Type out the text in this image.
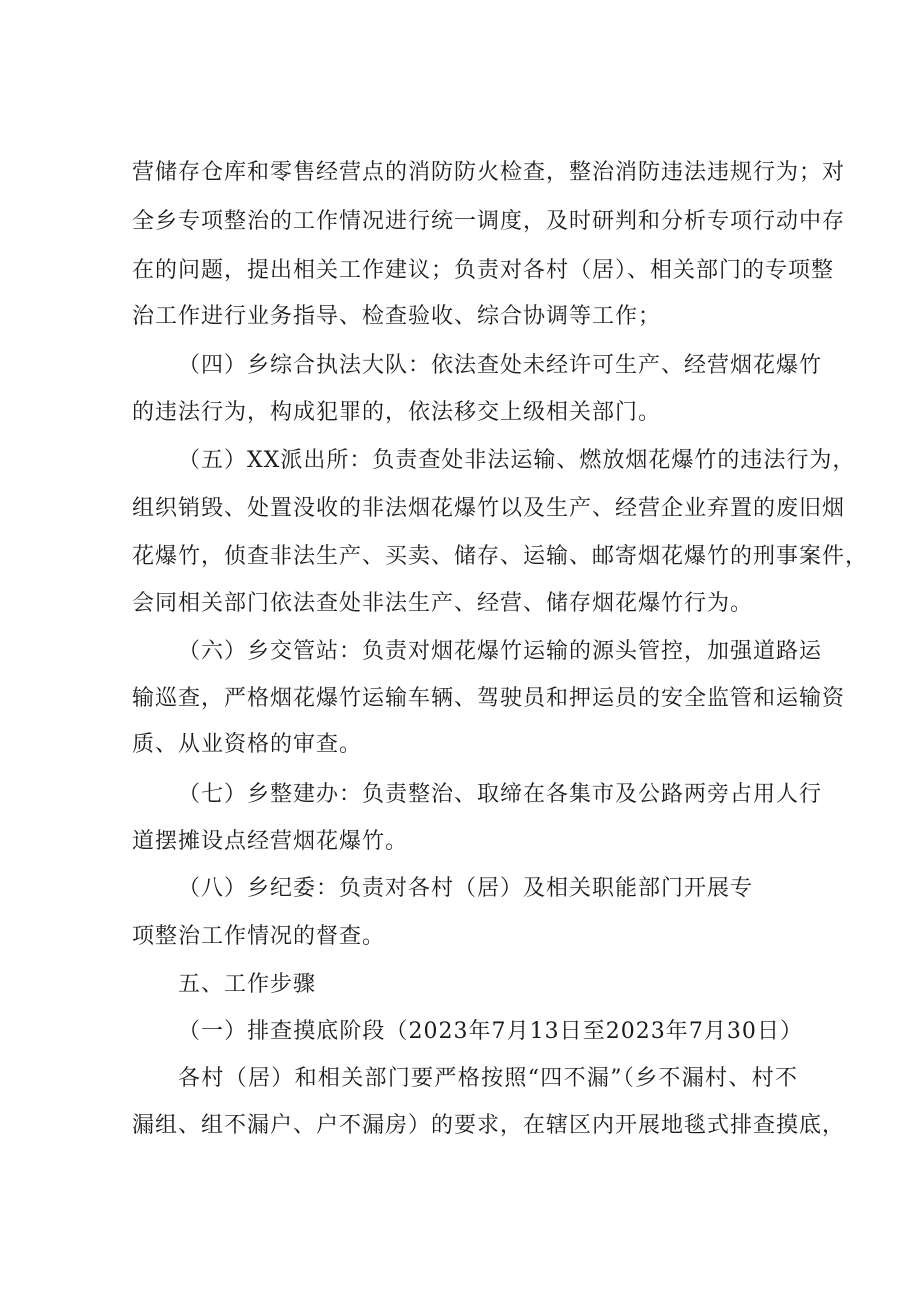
营储存仓库和零售经营点的消防防火检查，整治消防违法违规行为；对
全乡专项整治的工作情况进行统一调度，及时研判和分析专项行动中存
在的问题，提出相关工作建议；负责对各村（居）、相关部门的专项整
治工作进行业务指导、检查验收、综合协调等工作；
（四）乡综合执法大队：依法查处未经许可生产、经营烟花爆竹
的违法行为，构成犯罪的，依法移交上级相关部门。
（五）XX派出所：负责查处非法运输、燃放烟花爆竹的违法行为，
组织销毁、处置没收的非法烟花爆竹以及生产、经营企业弃置的废旧烟
花爆竹，侦查非法生产、买卖、储存、运输、邮寄烟花爆竹的刑事案件，
会同相关部门依法查处非法生产、经营、储存烟花爆竹行为。
（六）乡交管站：负责对烟花爆竹运输的源头管控，加强道路运
输巡查，严格烟花爆竹运输车辆、驾驶员和押运员的安全监管和运输资
质、从业资格的审查。
（七）乡整建办：负责整治、取缔在各集市及公路两旁占用人行
道摆摊设点经营烟花爆竹。
（八）乡纪委：负责对各村（居）及相关职能部门开展专
项整治工作情况的督查。
五、工作步骤
（一）排查摸底阶段（2023年7月13日至2023年7月30日）
各村（居）和相关部门要严格按照“四不漏”（乡不漏村、村不
漏组、组不漏户、户不漏房）的要求，在辖区内开展地毯式排查摸底，
